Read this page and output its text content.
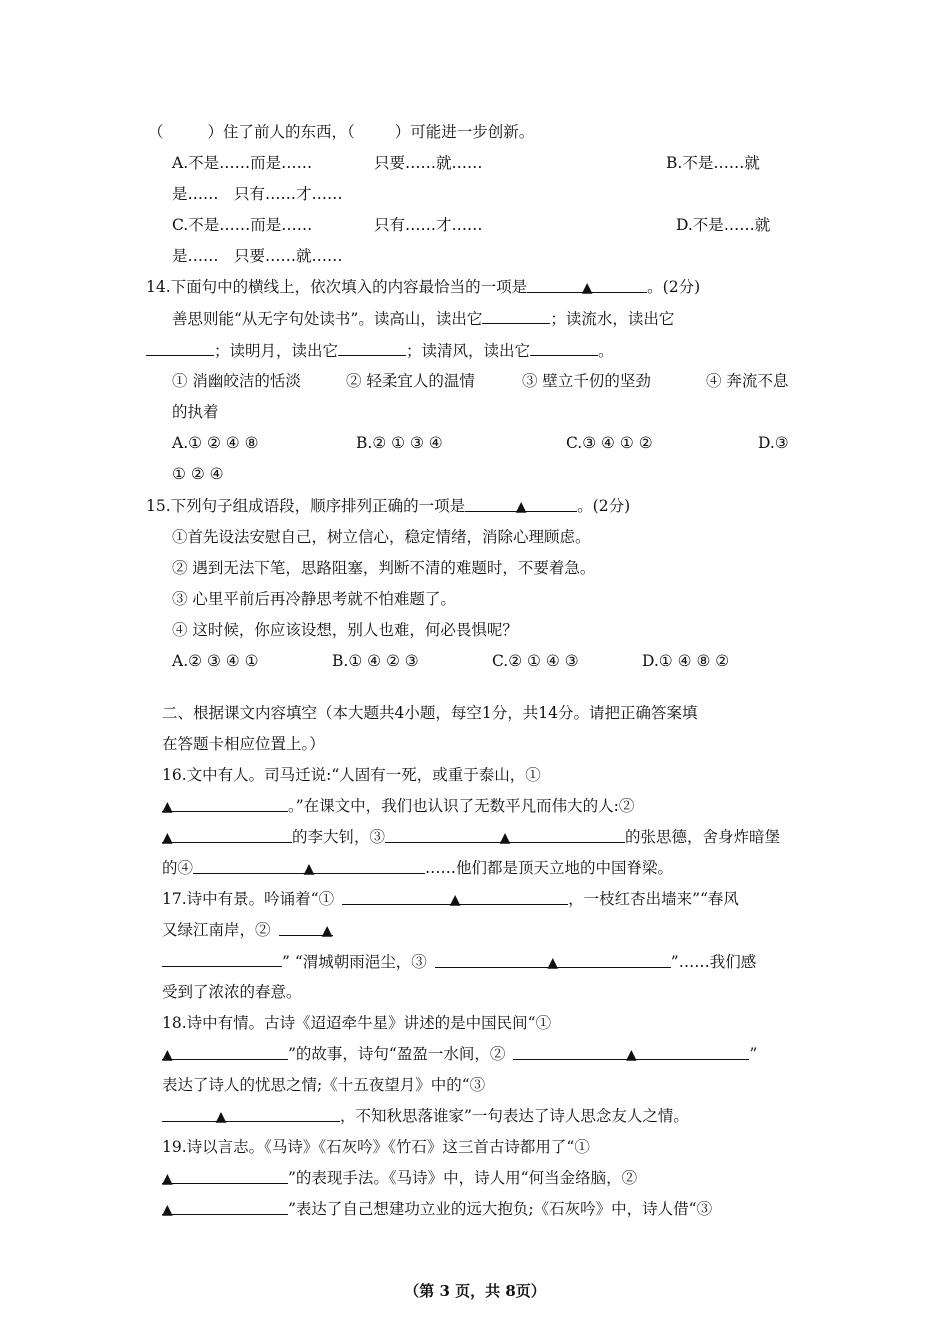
（	）住了前人的东西，（	）可能进一步创新。
A.不是……而是……	只要……就……	B.不是……就
是……　只有……才……
C.不是……而是……	只有……才……	D.不是……就
是……　只要……就……
14.下面句中的横线上，依次填入的内容最恰当的一项是	▲	。(2分)
善思则能“从无字句处读书”。读高山，读出它	；读流水，读出它
；读明月，读出它	；读清风，读出它	。
① 消幽皎洁的恬淡	② 轻柔宜人的温情	③ 壁立千仞的坚劲	④ 奔流不息
的执着
A.① ② ④ ⑧	B.② ① ③ ④	C.③ ④ ① ②	D.③
① ② ④
15.下列句子组成语段，顺序排列正确的一项是	▲	。(2分)
①首先设法安慰自己，树立信心，稳定情绪，消除心理顾虑。
② 遇到无法下笔，思路阻塞，判断不清的难题时，不要着急。
③ 心里平前后再冷静思考就不怕难题了。
④ 这时候，你应该设想，别人也难，何必畏惧呢？
A.② ③ ④ ①	B.① ④ ② ③	C.② ① ④ ③	D.① ④ ⑧ ②
二、根据课文内容填空（本大题共4小题，每空1分，共14分。请把正确答案填
在答题卡相应位置上。）
16.文中有人。司马迁说:“人固有一死，或重于泰山，①
▲	。”在课文中，我们也认识了无数平凡而伟大的人:②
▲	的李大钊，③	▲	的张思德，舍身炸暗堡
的④	▲	……他们都是顶天立地的中国脊梁。
17.诗中有景。吟诵着“①	▲	，一枝红杏出墙来”“春风
又绿江南岸，②	▲
” “渭城朝雨浥尘，③	▲	”……我们感
受到了浓浓的春意。
18.诗中有情。古诗《迢迢牵牛星》讲述的是中国民间“①
▲	”的故事，诗句“盈盈一水间，②	▲	”
表达了诗人的忧思之情;《十五夜望月》中的“③
▲	，不知秋思落谁家”一句表达了诗人思念友人之情。
19.诗以言志。《马诗》《石灰吟》《竹石》这三首古诗都用了“①
▲	”的表现手法。《马诗》中，诗人用“何当金络脑，②
▲	”表达了自己想建功立业的远大抱负;《石灰吟》中，诗人借“③
（第 3 页，共 8页）
